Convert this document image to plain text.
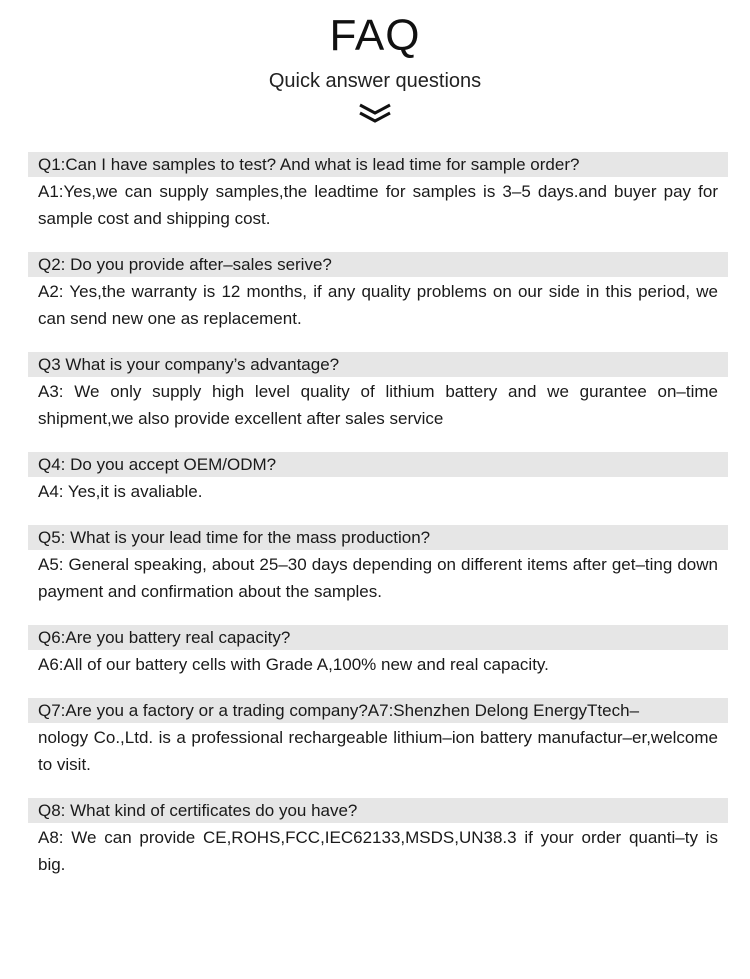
FAQ
Quick answer questions
Q1:Can I have samples to test? And what is lead time for sample order?
A1:Yes,we can supply samples,the leadtime for samples is 3–5 days.and buyer pay for sample cost and shipping cost.
Q2: Do you provide after–sales serive?
A2: Yes,the warranty is 12 months, if any quality problems on our side in this period, we can send new one as replacement.
Q3 What is your company’s advantage?
A3: We only supply high level quality of lithium battery and we gurantee on–time shipment,we also provide excellent after sales service
Q4: Do you accept OEM/ODM?
A4: Yes,it is avaliable.
Q5: What is your lead time for the mass production?
A5: General speaking, about 25–30 days depending on different items after get–ting down payment and confirmation about the samples.
Q6:Are you battery real capacity?
A6:All of our battery cells with Grade A,100% new and real capacity.
Q7:Are you a factory or a trading company?A7:Shenzhen Delong EnergyTtech–
nology Co.,Ltd. is a professional rechargeable lithium–ion battery manufactur–er,welcome to visit.
Q8: What kind of certificates do you have?
A8: We can provide CE,ROHS,FCC,IEC62133,MSDS,UN38.3 if your order quanti–ty is big.
